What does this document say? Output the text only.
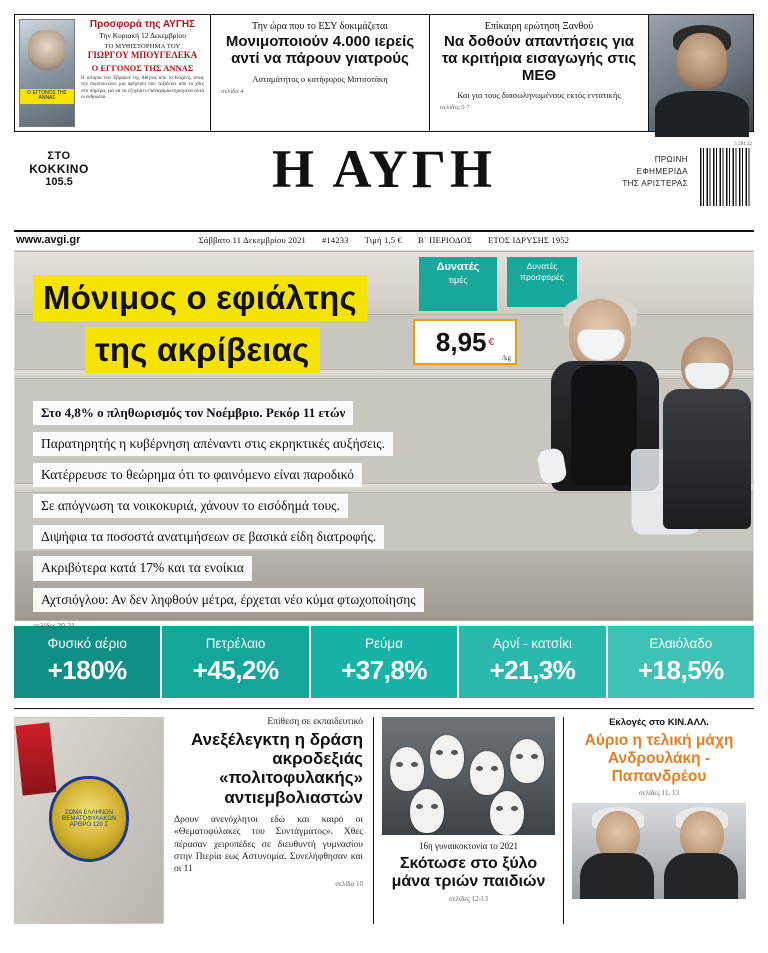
Ο ΕΓΓΟΝΟΣ ΤΗΣ ΑΝΝΑΣ
Προσφορά της ΑΥΓΗΣ
Την Κυριακή 12 Δεκεμβρίου
ΤΟ ΜΥΘΙΣΤΟΡΗΜΑ ΤΟΥ
ΓΙΩΡΓΟΥ ΜΠΟΥΓΕΛΕΚΑ
Ο ΕΓΓΟΝΟΣ ΤΗΣ ΑΝΝΑΣ
Η ιστορία των Εβραίων της Αθήνας από το Κοζάνη, όπως την συμπυκνώνει μια αφήγηση που ταξιδεύει από το χθες στο σήμερα, για να τα εξηγήσει επαναχαρακτηρισμένα αυτά οι ανθρώποι.
Την ώρα που το ΕΣΥ δοκιμάζεται
Μονιμοποιούν 4.000 ιερείς αντί να πάρουν γιατρούς
Ασταμάτητος ο κατήφορος Μπτσοτάκη
σελίδα 4
Επίκαιρη ερώτηση Ξανθού
Να δοθούν απαντήσεις για τα κριτήρια εισαγωγής στις ΜΕΘ
Και για τους διασωληνωμένους εκτός εντατικής
σελίδες 5-7
ΣΤΟ
ΚΟΚΚΙΝΟ
105.5	Η ΑΥΓΗ	ΠΡΩΙΝΗ
ΕΦΗΜΕΡΙΔΑ
ΤΗΣ ΑΡΙΣΤΕΡΑΣ
5 291 22
www.avgi.gr	Σάββατο 11 Δεκεμβρίου 2021 #14233 Τιμή 1,5 € Β΄ ΠΕΡΙΟΔΟΣ ΕΤΟΣ ΙΔΡΥΣΗΣ 1952
Δυνατές
τιμές
Δυνατές
προσφορές
8,95 €
/kg
Μόνιμος ο εφιάλτης
της ακρίβειας
Στο 4,8% ο πληθωρισμός τον Νοέμβριο. Ρεκόρ 11 ετών
Παρατηρητής η κυβέρνηση απέναντι στις εκρηκτικές αυξήσεις.
Κατέρρευσε το θεώρημα ότι το φαινόμενο είναι παροδικό
Σε απόγνωση τα νοικοκυριά, χάνουν το εισόδημά τους.
Διψήφια τα ποσοστά ανατιμήσεων σε βασικά είδη διατροφής.
Ακριβότερα κατά 17% και τα ενοίκια
Αχτσιόγλου: Αν δεν ληφθούν μέτρα, έρχεται νέο κύμα φτωχοποίησης
σελίδες 20-21
Φυσικό αέριο
+180%
Πετρέλαιο
+45,2%
Ρεύμα
+37,8%
Αρνί - κατσίκι
+21,3%
Ελαιόλαδο
+18,5%
ΣΩΜΑ ΕΛΛΗΝΩΝ ΘΕΜΑΤΟΦΥΛΑΚΩΝ ΑΡΘΡΟ 120 Σ
Επίθεση σε εκπαιδευτικό
Ανεξέλεγκτη η δράση ακροδεξιάς «πολιτοφυλακής» αντιεμβολιαστών
Δρουν ανενόχλητοι εδώ και καιρό οι «Θεματοφύλακες του Συντάγματος». Χθες πέρασαν χειροπέδες σε διευθυντή γυμνασίου στην Πιερία εως Αστυνομία. Συνελήφθησαν και οι 11
σελίδα 10
16η γυναικοκτονία το 2021
Σκότωσε στο ξύλο μάνα τριών παιδιών
σελίδες 12-13
Εκλογές στο ΚΙΝ.ΑΛΛ.
Αύριο η τελική μάχη Ανδρουλάκη - Παπανδρέου
σελίδες 11, 13
